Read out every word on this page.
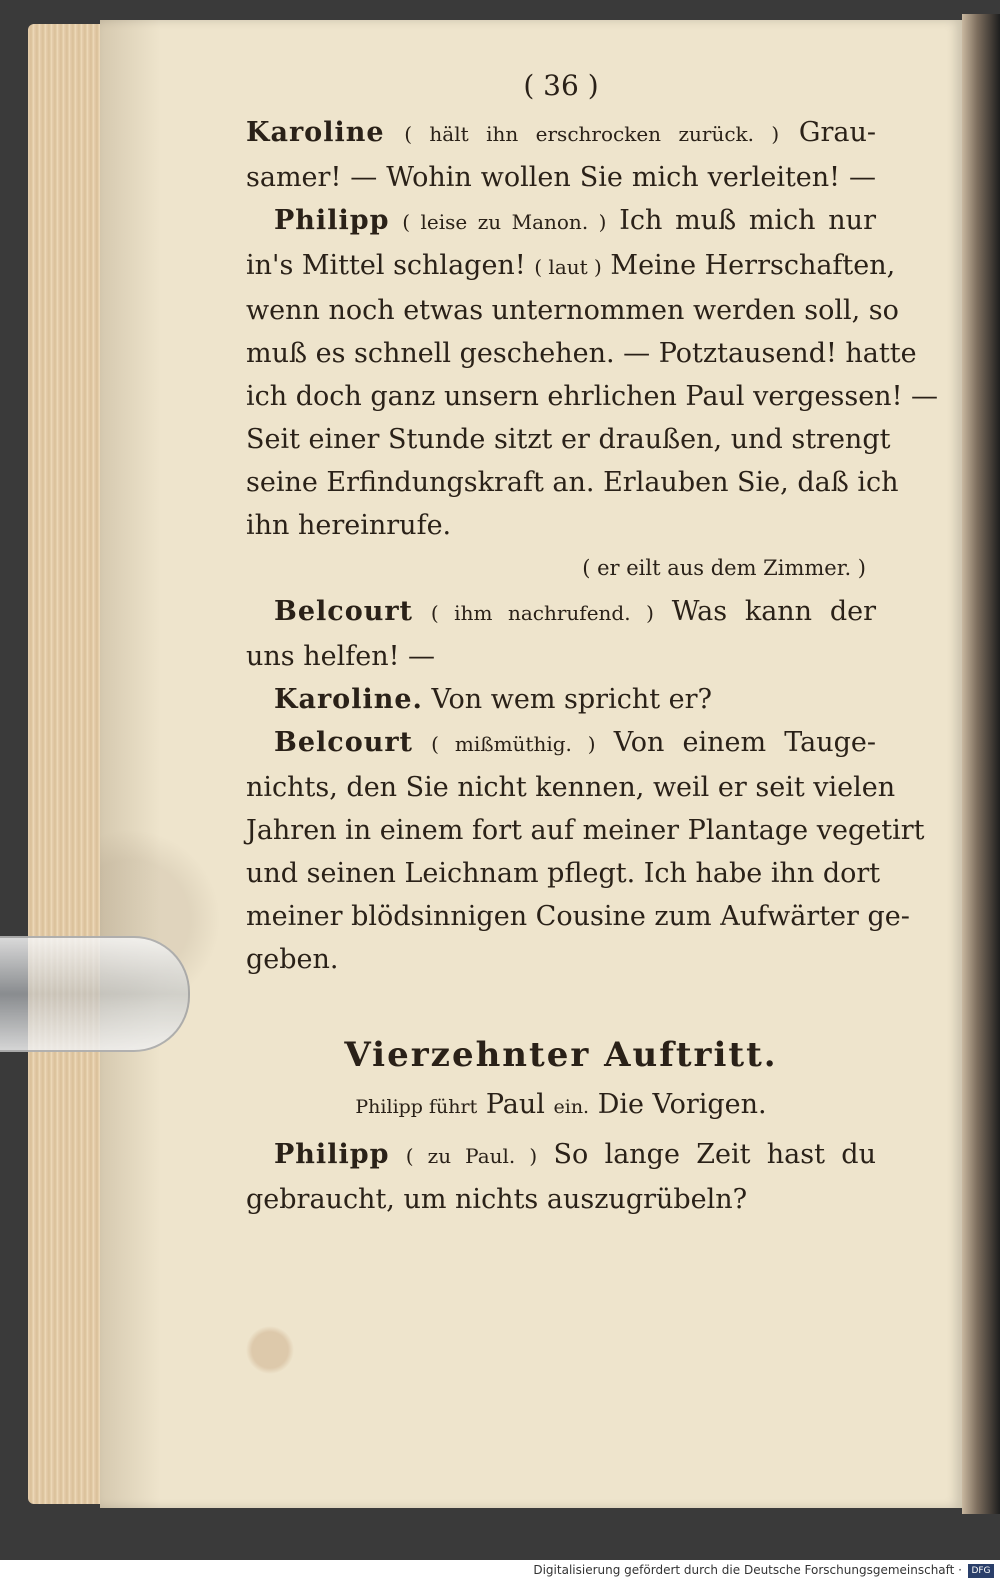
( 36 )
Karoline ( hält ihn erschrocken zurück. ) Grau-
samer! — Wohin wollen Sie mich verleiten! —
Philipp ( leise zu Manon. ) Ich muß mich nur
in's Mittel schlagen! ( laut ) Meine Herrschaften,
wenn noch etwas unternommen werden soll, so
muß es schnell geschehen. — Potztausend! hatte
ich doch ganz unsern ehrlichen Paul vergessen! —
Seit einer Stunde sitzt er draußen, und strengt
seine Erfindungskraft an. Erlauben Sie, daß ich
ihn hereinrufe.
( er eilt aus dem Zimmer. )
Belcourt ( ihm nachrufend. ) Was kann der
uns helfen! —
Karoline. Von wem spricht er?
Belcourt ( mißmüthig. ) Von einem Tauge-
nichts, den Sie nicht kennen, weil er seit vielen
Jahren in einem fort auf meiner Plantage vegetirt
und seinen Leichnam pflegt. Ich habe ihn dort
meiner blödsinnigen Cousine zum Aufwärter ge-
geben.
Vierzehnter Auftritt.
Philipp führt Paul ein. Die Vorigen.
Philipp ( zu Paul. ) So lange Zeit hast du
gebraucht, um nichts auszugrübeln?
Digitalisierung gefördert durch die Deutsche Forschungsgemeinschaft · DFG
